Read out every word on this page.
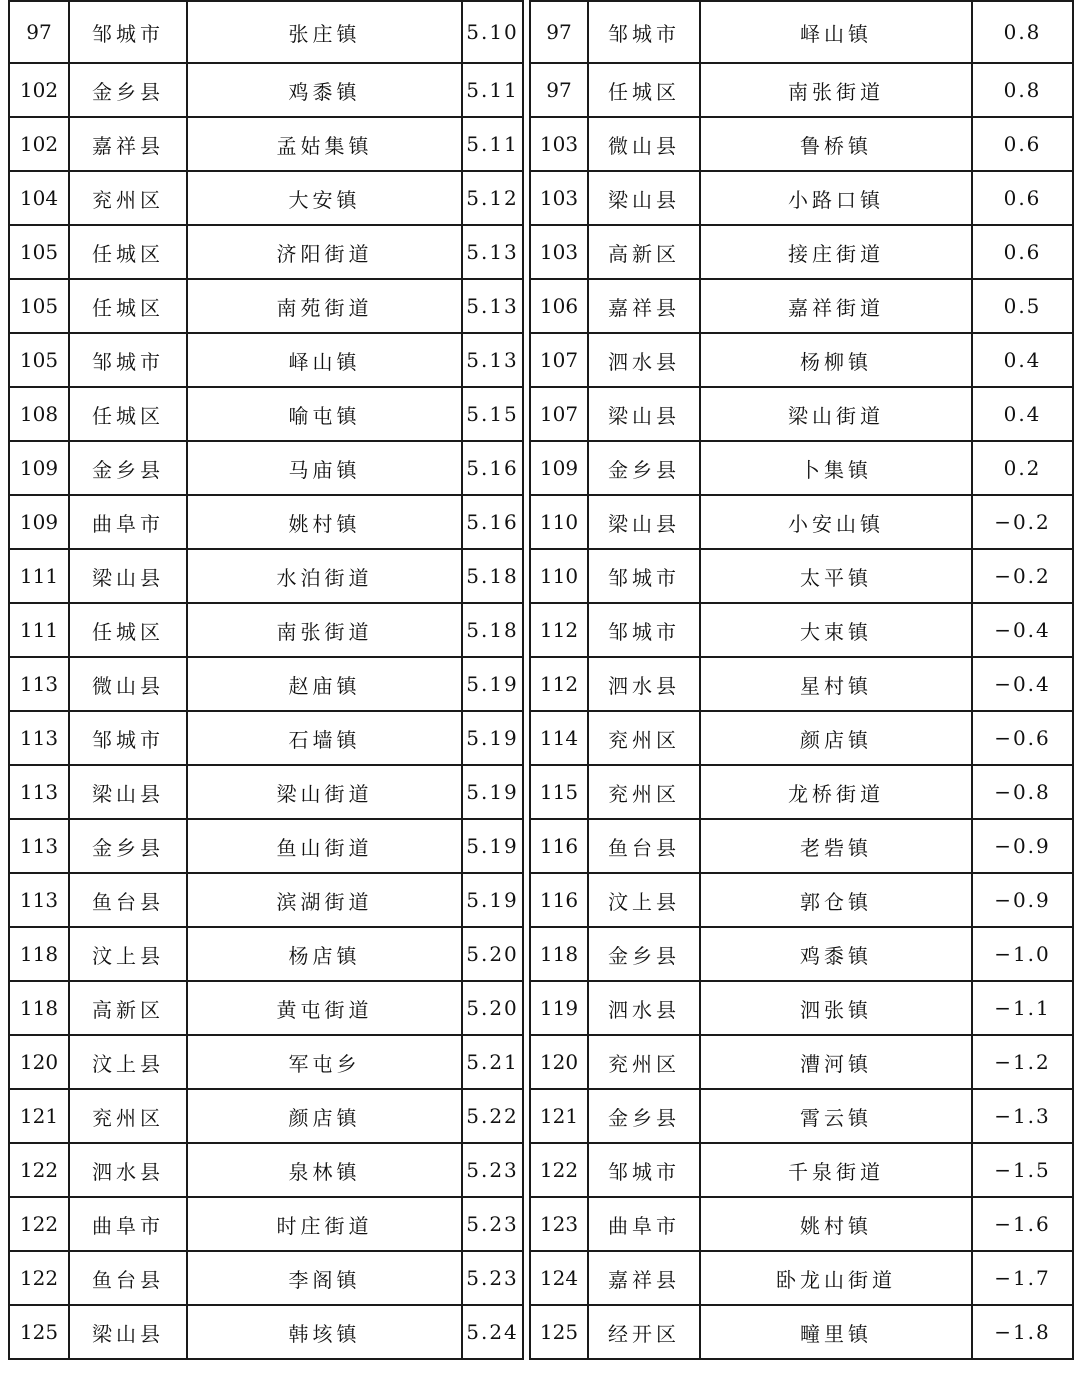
97	邹城市	张庄镇	5.10
102	金乡县	鸡黍镇	5.11
102	嘉祥县	孟姑集镇	5.11
104	兖州区	大安镇	5.12
105	任城区	济阳街道	5.13
105	任城区	南苑街道	5.13
105	邹城市	峄山镇	5.13
108	任城区	喻屯镇	5.15
109	金乡县	马庙镇	5.16
109	曲阜市	姚村镇	5.16
111	梁山县	水泊街道	5.18
111	任城区	南张街道	5.18
113	微山县	赵庙镇	5.19
113	邹城市	石墙镇	5.19
113	梁山县	梁山街道	5.19
113	金乡县	鱼山街道	5.19
113	鱼台县	滨湖街道	5.19
118	汶上县	杨店镇	5.20
118	高新区	黄屯街道	5.20
120	汶上县	军屯乡	5.21
121	兖州区	颜店镇	5.22
122	泗水县	泉林镇	5.23
122	曲阜市	时庄街道	5.23
122	鱼台县	李阁镇	5.23
125	梁山县	韩垓镇	5.24
97	邹城市	峄山镇	0.8
97	任城区	南张街道	0.8
103	微山县	鲁桥镇	0.6
103	梁山县	小路口镇	0.6
103	高新区	接庄街道	0.6
106	嘉祥县	嘉祥街道	0.5
107	泗水县	杨柳镇	0.4
107	梁山县	梁山街道	0.4
109	金乡县	卜集镇	0.2
110	梁山县	小安山镇	−0.2
110	邹城市	太平镇	−0.2
112	邹城市	大束镇	−0.4
112	泗水县	星村镇	−0.4
114	兖州区	颜店镇	−0.6
115	兖州区	龙桥街道	−0.8
116	鱼台县	老砦镇	−0.9
116	汶上县	郭仓镇	−0.9
118	金乡县	鸡黍镇	−1.0
119	泗水县	泗张镇	−1.1
120	兖州区	漕河镇	−1.2
121	金乡县	霄云镇	−1.3
122	邹城市	千泉街道	−1.5
123	曲阜市	姚村镇	−1.6
124	嘉祥县	卧龙山街道	−1.7
125	经开区	疃里镇	−1.8
